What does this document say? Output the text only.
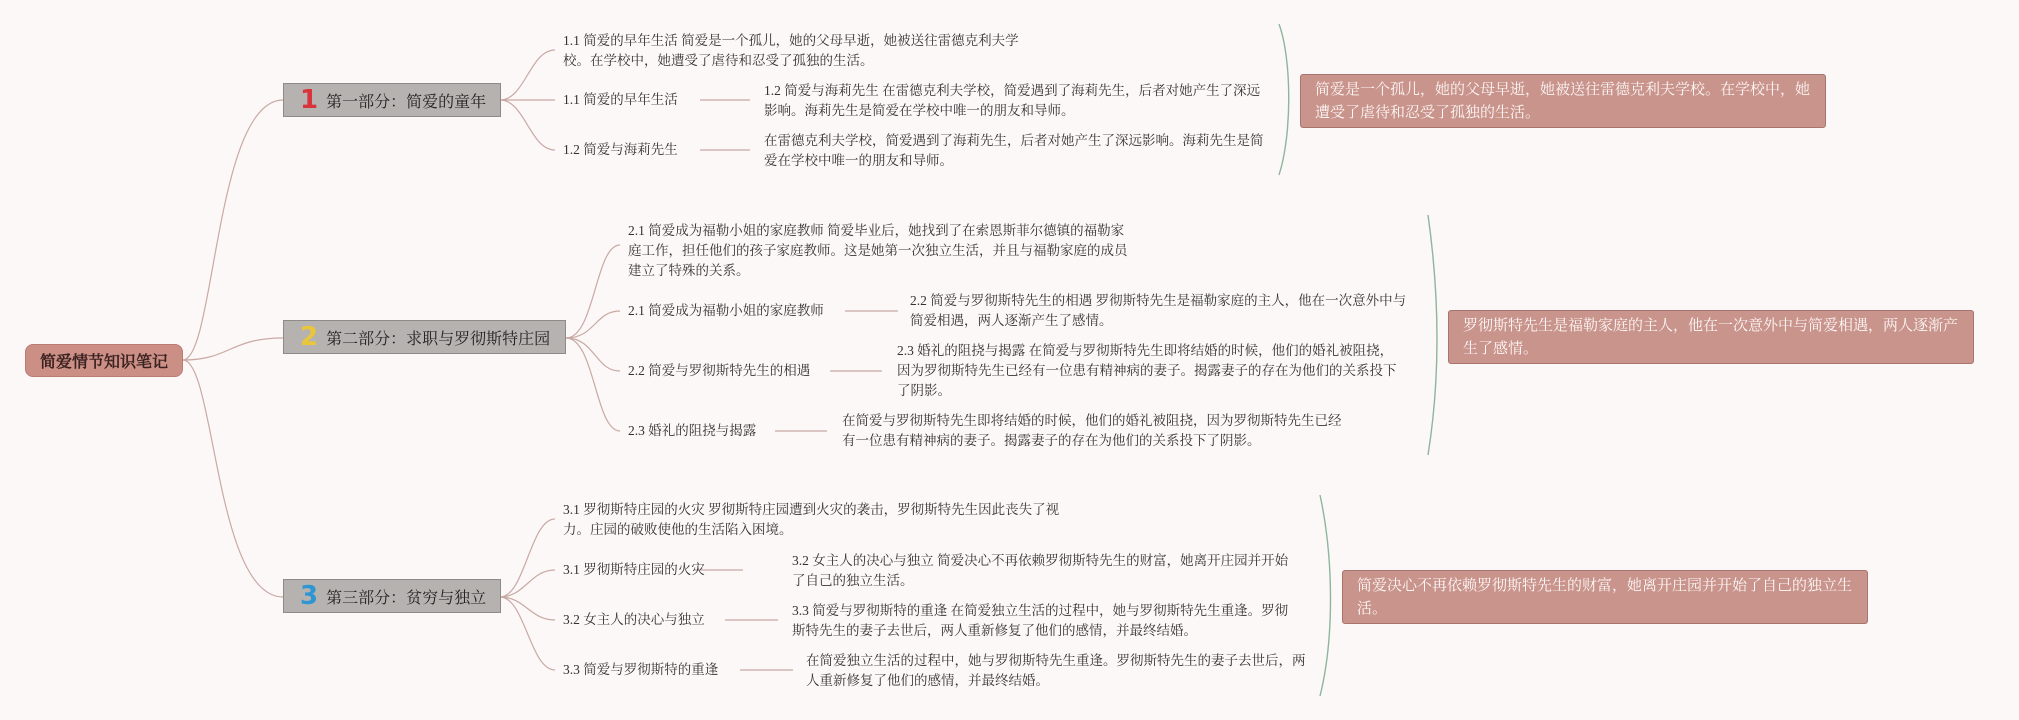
简爱情节知识笔记
1 第一部分：简爱的童年
1.1 简爱的早年生活 简爱是一个孤儿，她的父母早逝，她被送往雷德克利夫学校。在学校中，她遭受了虐待和忍受了孤独的生活。
1.1 简爱的早年生活
1.2 简爱与海莉先生 在雷德克利夫学校，简爱遇到了海莉先生，后者对她产生了深远影响。海莉先生是简爱在学校中唯一的朋友和导师。
1.2 简爱与海莉先生
在雷德克利夫学校，简爱遇到了海莉先生，后者对她产生了深远影响。海莉先生是简爱在学校中唯一的朋友和导师。
简爱是一个孤儿，她的父母早逝，她被送往雷德克利夫学校。在学校中，她遭受了虐待和忍受了孤独的生活。
2 第二部分：求职与罗彻斯特庄园
2.1 简爱成为福勒小姐的家庭教师 简爱毕业后，她找到了在索恩斯菲尔德镇的福勒家庭工作，担任他们的孩子家庭教师。这是她第一次独立生活，并且与福勒家庭的成员建立了特殊的关系。
2.1 简爱成为福勒小姐的家庭教师
2.2 简爱与罗彻斯特先生的相遇 罗彻斯特先生是福勒家庭的主人，他在一次意外中与简爱相遇，两人逐渐产生了感情。
2.2 简爱与罗彻斯特先生的相遇
2.3 婚礼的阻挠与揭露 在简爱与罗彻斯特先生即将结婚的时候，他们的婚礼被阻挠，因为罗彻斯特先生已经有一位患有精神病的妻子。揭露妻子的存在为他们的关系投下了阴影。
2.3 婚礼的阻挠与揭露
在简爱与罗彻斯特先生即将结婚的时候，他们的婚礼被阻挠，因为罗彻斯特先生已经有一位患有精神病的妻子。揭露妻子的存在为他们的关系投下了阴影。
罗彻斯特先生是福勒家庭的主人，他在一次意外中与简爱相遇，两人逐渐产生了感情。
3 第三部分：贫穷与独立
3.1 罗彻斯特庄园的火灾 罗彻斯特庄园遭到火灾的袭击，罗彻斯特先生因此丧失了视力。庄园的破败使他的生活陷入困境。
3.1 罗彻斯特庄园的火灾
3.2 女主人的决心与独立 简爱决心不再依赖罗彻斯特先生的财富，她离开庄园并开始了自己的独立生活。
3.2 女主人的决心与独立
3.3 简爱与罗彻斯特的重逢 在简爱独立生活的过程中，她与罗彻斯特先生重逢。罗彻斯特先生的妻子去世后，两人重新修复了他们的感情，并最终结婚。
3.3 简爱与罗彻斯特的重逢
在简爱独立生活的过程中，她与罗彻斯特先生重逢。罗彻斯特先生的妻子去世后，两人重新修复了他们的感情，并最终结婚。
简爱决心不再依赖罗彻斯特先生的财富，她离开庄园并开始了自己的独立生活。
